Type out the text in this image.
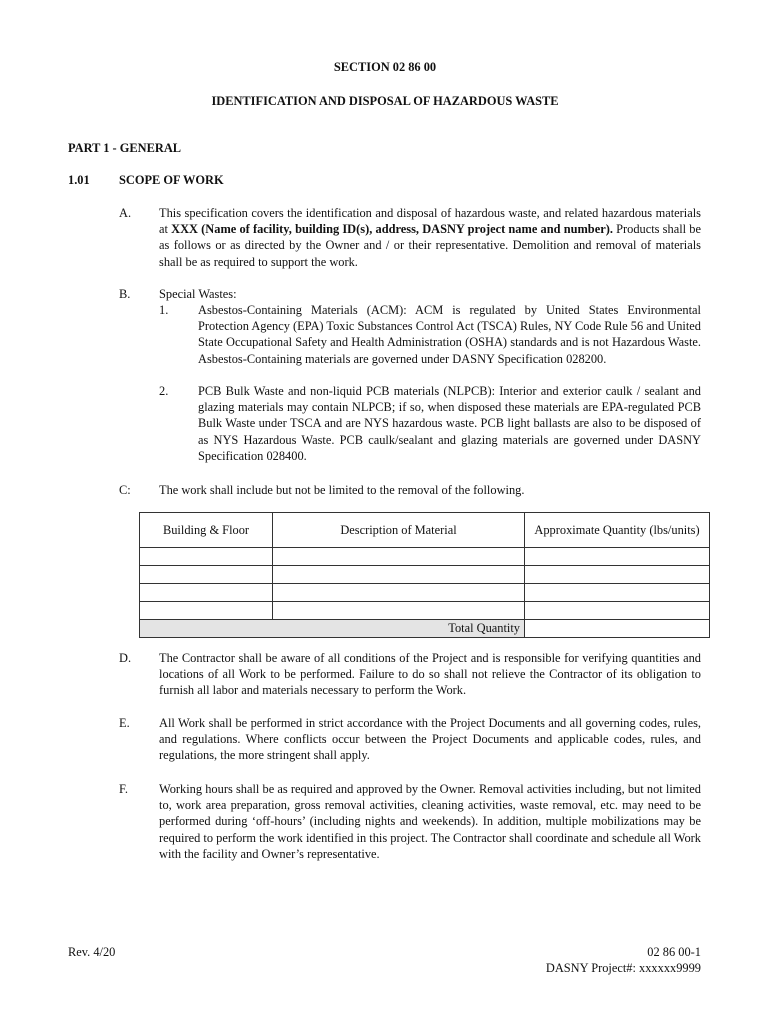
SECTION 02 86 00
IDENTIFICATION AND DISPOSAL OF HAZARDOUS WASTE
PART 1 - GENERAL
1.01 SCOPE OF WORK
A. This specification covers the identification and disposal of hazardous waste, and related hazardous materials at XXX (Name of facility, building ID(s), address, DASNY project name and number). Products shall be as follows or as directed by the Owner and / or their representative. Demolition and removal of materials shall be as required to support the work.
B. Special Wastes:
1. Asbestos-Containing Materials (ACM): ACM is regulated by United States Environmental Protection Agency (EPA) Toxic Substances Control Act (TSCA) Rules, NY Code Rule 56 and United State Occupational Safety and Health Administration (OSHA) standards and is not Hazardous Waste. Asbestos-Containing materials are governed under DASNY Specification 028200.
2. PCB Bulk Waste and non-liquid PCB materials (NLPCB): Interior and exterior caulk / sealant and glazing materials may contain NLPCB; if so, when disposed these materials are EPA-regulated PCB Bulk Waste under TSCA and are NYS hazardous waste. PCB light ballasts are also to be disposed of as NYS Hazardous Waste. PCB caulk/sealant and glazing materials are governed under DASNY Specification 028400.
C: The work shall include but not be limited to the removal of the following.
Building & Floor	Description of Material	Approximate Quantity (lbs/units)

Total Quantity		
D. The Contractor shall be aware of all conditions of the Project and is responsible for verifying quantities and locations of all Work to be performed. Failure to do so shall not relieve the Contractor of its obligation to furnish all labor and materials necessary to perform the Work.
E. All Work shall be performed in strict accordance with the Project Documents and all governing codes, rules, and regulations. Where conflicts occur between the Project Documents and applicable codes, rules, and regulations, the more stringent shall apply.
F.	Working hours shall be as required and approved by the Owner. Removal activities including, but not limited to, work area preparation, gross removal activities, cleaning activities, waste removal, etc. may need to be performed during ‘off-hours’ (including nights and weekends). In addition, multiple mobilizations may be required to perform the work identified in this project. The Contractor shall coordinate and schedule all Work with the facility and Owner’s representative.
Rev. 4/20	02 86 00-1
DASNY Project#: xxxxxx9999
